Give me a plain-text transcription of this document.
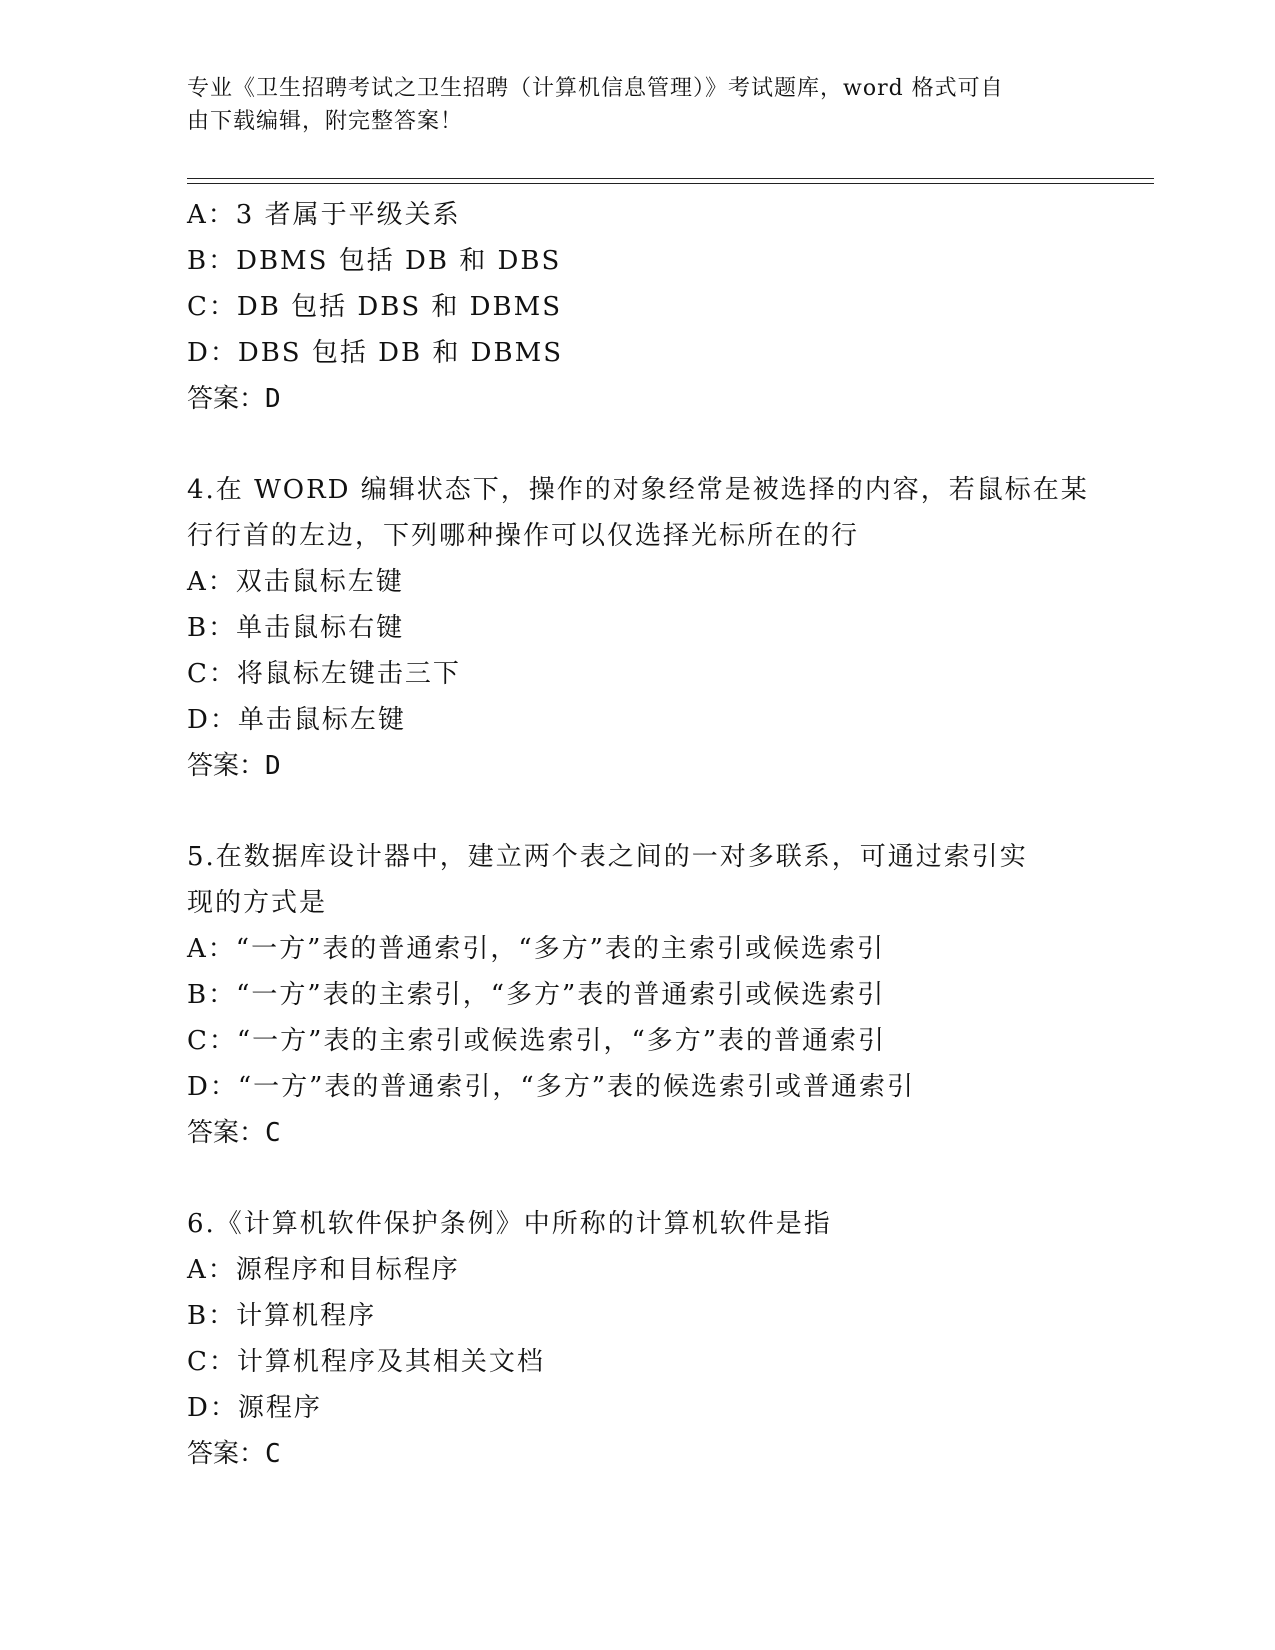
专业《卫生招聘考试之卫生招聘（计算机信息管理）》考试题库，word 格式可自
由下载编辑，附完整答案！
A：3 者属于平级关系
B：DBMS 包括 DB 和 DBS
C：DB 包括 DBS 和 DBMS
D：DBS 包括 DB 和 DBMS
答案：D
4.在 WORD 编辑状态下，操作的对象经常是被选择的内容，若鼠标在某
行行首的左边，下列哪种操作可以仅选择光标所在的行
A：双击鼠标左键
B：单击鼠标右键
C：将鼠标左键击三下
D：单击鼠标左键
答案：D
5.在数据库设计器中，建立两个表之间的一对多联系，可通过索引实
现的方式是
A：“一方”表的普通索引，“多方”表的主索引或候选索引
B：“一方”表的主索引，“多方”表的普通索引或候选索引
C：“一方”表的主索引或候选索引，“多方”表的普通索引
D：“一方”表的普通索引，“多方”表的候选索引或普通索引
答案：C
6.《计算机软件保护条例》中所称的计算机软件是指
A：源程序和目标程序
B：计算机程序
C：计算机程序及其相关文档
D：源程序
答案：C
